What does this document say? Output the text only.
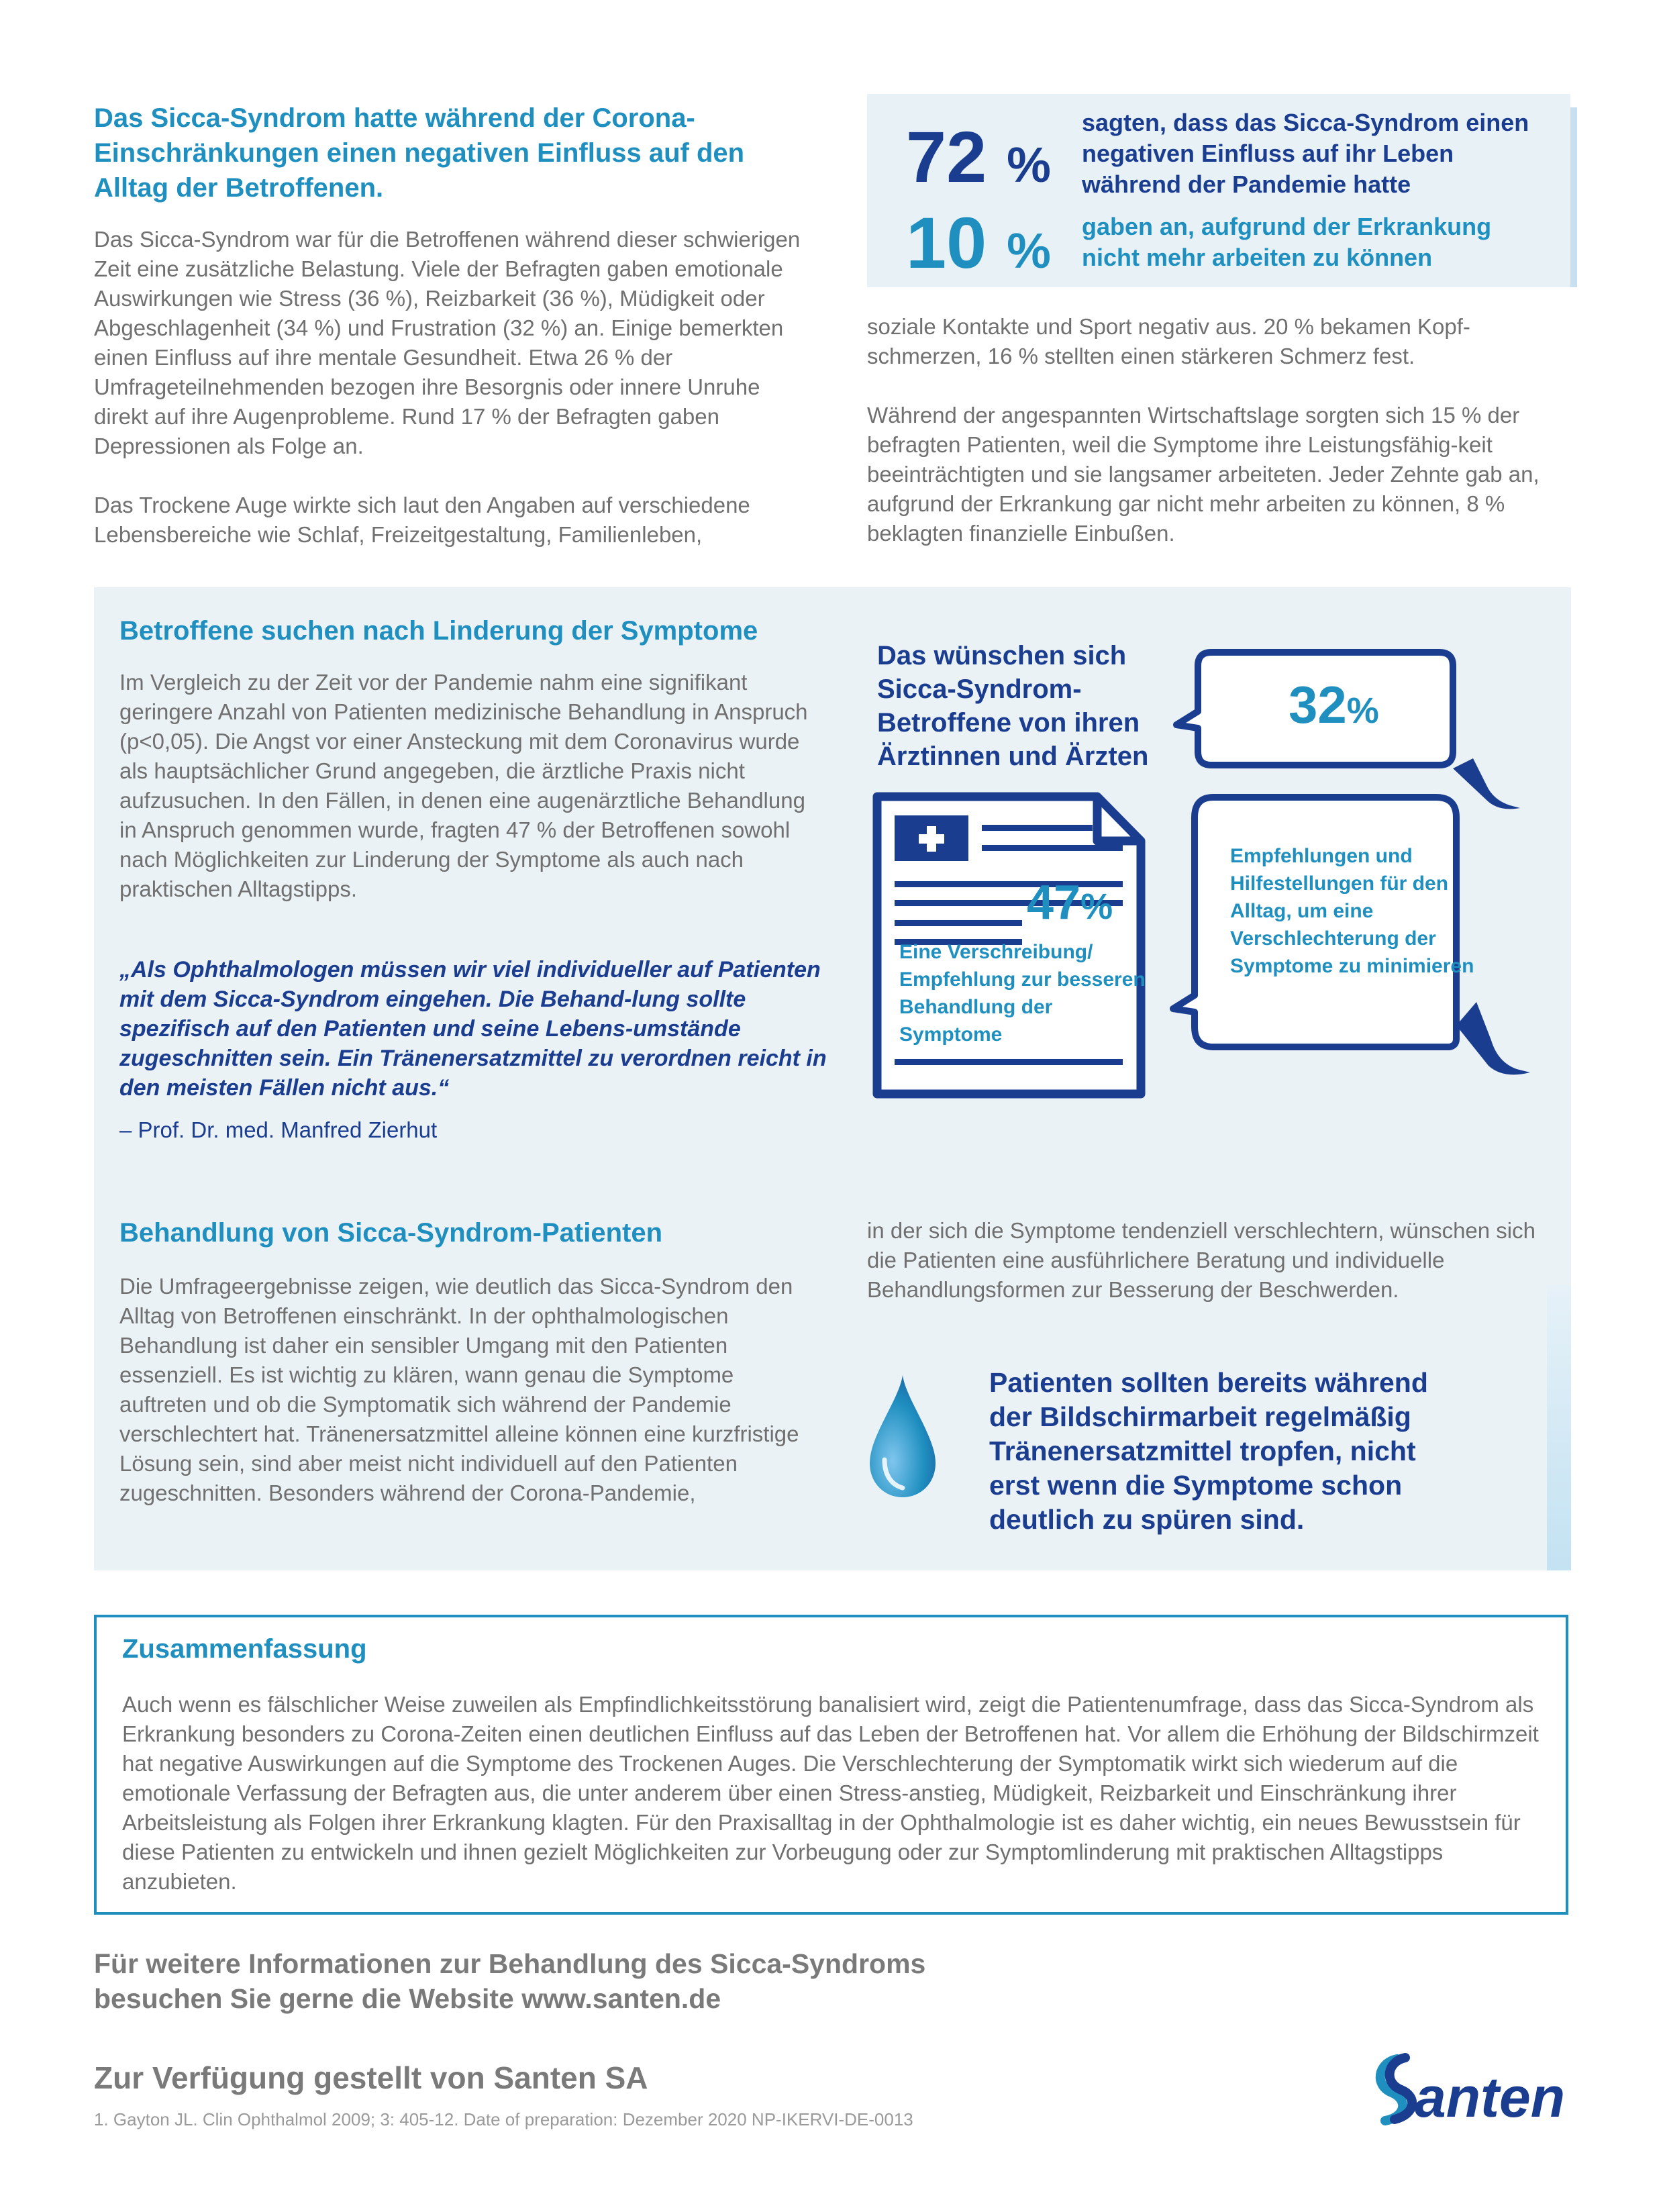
Das Sicca-Syndrom hatte während der Corona-Einschränkungen einen negativen Einfluss auf den Alltag der Betroffenen.

Das Sicca-Syndrom war für die Betroffenen während dieser schwierigen Zeit eine zusätzliche Belastung. Viele der Befragten gaben emotionale Auswirkungen wie Stress (36 %), Reizbarkeit (36 %), Müdigkeit oder Abgeschlagenheit (34 %) und Frustration (32 %) an. Einige bemerkten einen Einfluss auf ihre mentale Gesundheit. Etwa 26 % der Umfrageteilnehmenden bezogen ihre Besorgnis oder innere Unruhe direkt auf ihre Augenprobleme. Rund 17 % der Befragten gaben Depressionen als Folge an.

Das Trockene Auge wirkte sich laut den Angaben auf verschiedene Lebensbereiche wie Schlaf, Freizeitgestaltung, Familienleben,

72 %
sagten, dass das Sicca-Syndrom einen negativen Einfluss auf ihr Leben während der Pandemie hatte
10 % gaben an, aufgrund der Erkrankung nicht mehr arbeiten zu können

soziale Kontakte und Sport negativ aus. 20 % bekamen Kopf-schmerzen, 16 % stellten einen stärkeren Schmerz fest.

Während der angespannten Wirtschaftslage sorgten sich 15 % der befragten Patienten, weil die Symptome ihre Leistungsfähig-keit beeinträchtigten und sie langsamer arbeiteten. Jeder Zehnte gab an, aufgrund der Erkrankung gar nicht mehr arbeiten zu können, 8 % beklagten finanzielle Einbußen.

Betroffene suchen nach Linderung der Symptome
Im Vergleich zu der Zeit vor der Pandemie nahm eine signifikant geringere Anzahl von Patienten medizinische Behandlung in Anspruch (p<0,05). Die Angst vor einer Ansteckung mit dem Coronavirus wurde als hauptsächlicher Grund angegeben, die ärztliche Praxis nicht aufzusuchen. In den Fällen, in denen eine augenärztliche Behandlung in Anspruch genommen wurde, fragten 47 % der Betroffenen sowohl nach Möglichkeiten zur Linderung der Symptome als auch nach praktischen Alltagstipps.
„Als Ophthalmologen müssen wir viel individueller auf Patienten mit dem Sicca-Syndrom eingehen. Die Behand-lung sollte spezifisch auf den Patienten und seine Lebens-umstände zugeschnitten sein. Ein Tränenersatzmittel zu verordnen reicht in den meisten Fällen nicht aus.“
– Prof. Dr. med. Manfred Zierhut
Das wünschen sich Sicca-Syndrom-Betroffene von ihren Ärztinnen und Ärzten
47%
Eine Verschreibung/ Empfehlung zur besseren Behandlung der Symptome
32%
Empfehlungen und Hilfestellungen für den Alltag, um eine Verschlechterung der Symptome zu minimieren
Behandlung von Sicca-Syndrom-Patienten
Die Umfrageergebnisse zeigen, wie deutlich das Sicca-Syndrom den Alltag von Betroffenen einschränkt. In der ophthalmologischen Behandlung ist daher ein sensibler Umgang mit den Patienten essenziell. Es ist wichtig zu klären, wann genau die Symptome auftreten und ob die Symptomatik sich während der Pandemie verschlechtert hat. Tränenersatzmittel alleine können eine kurzfristige Lösung sein, sind aber meist nicht individuell auf den Patienten zugeschnitten. Besonders während der Corona-Pandemie,
in der sich die Symptome tendenziell verschlechtern, wünschen sich die Patienten eine ausführlichere Beratung und individuelle Behandlungsformen zur Besserung der Beschwerden.
Patienten sollten bereits während der Bildschirmarbeit regelmäßig Tränenersatzmittel tropfen, nicht erst wenn die Symptome schon deutlich zu spüren sind.
Zusammenfassung
Auch wenn es fälschlicher Weise zuweilen als Empfindlichkeitsstörung banalisiert wird, zeigt die Patientenumfrage, dass das Sicca-Syndrom als Erkrankung besonders zu Corona-Zeiten einen deutlichen Einfluss auf das Leben der Betroffenen hat. Vor allem die Erhöhung der Bildschirmzeit hat negative Auswirkungen auf die Symptome des Trockenen Auges. Die Verschlechterung der Symptomatik wirkt sich wiederum auf die emotionale Verfassung der Befragten aus, die unter anderem über einen Stress-anstieg, Müdigkeit, Reizbarkeit und Einschränkung ihrer Arbeitsleistung als Folgen ihrer Erkrankung klagten. Für den Praxisalltag in der Ophthalmologie ist es daher wichtig, ein neues Bewusstsein für diese Patienten zu entwickeln und ihnen gezielt Möglichkeiten zur Vorbeugung oder zur Symptomlinderung mit praktischen Alltagstipps anzubieten.
Für weitere Informationen zur Behandlung des Sicca-Syndroms besuchen Sie gerne die Website www.santen.de
Zur Verfügung gestellt von Santen SA
1. Gayton JL. Clin Ophthalmol 2009; 3: 405-12. Date of preparation: Dezember 2020 NP-IKERVI-DE-0013	anten
